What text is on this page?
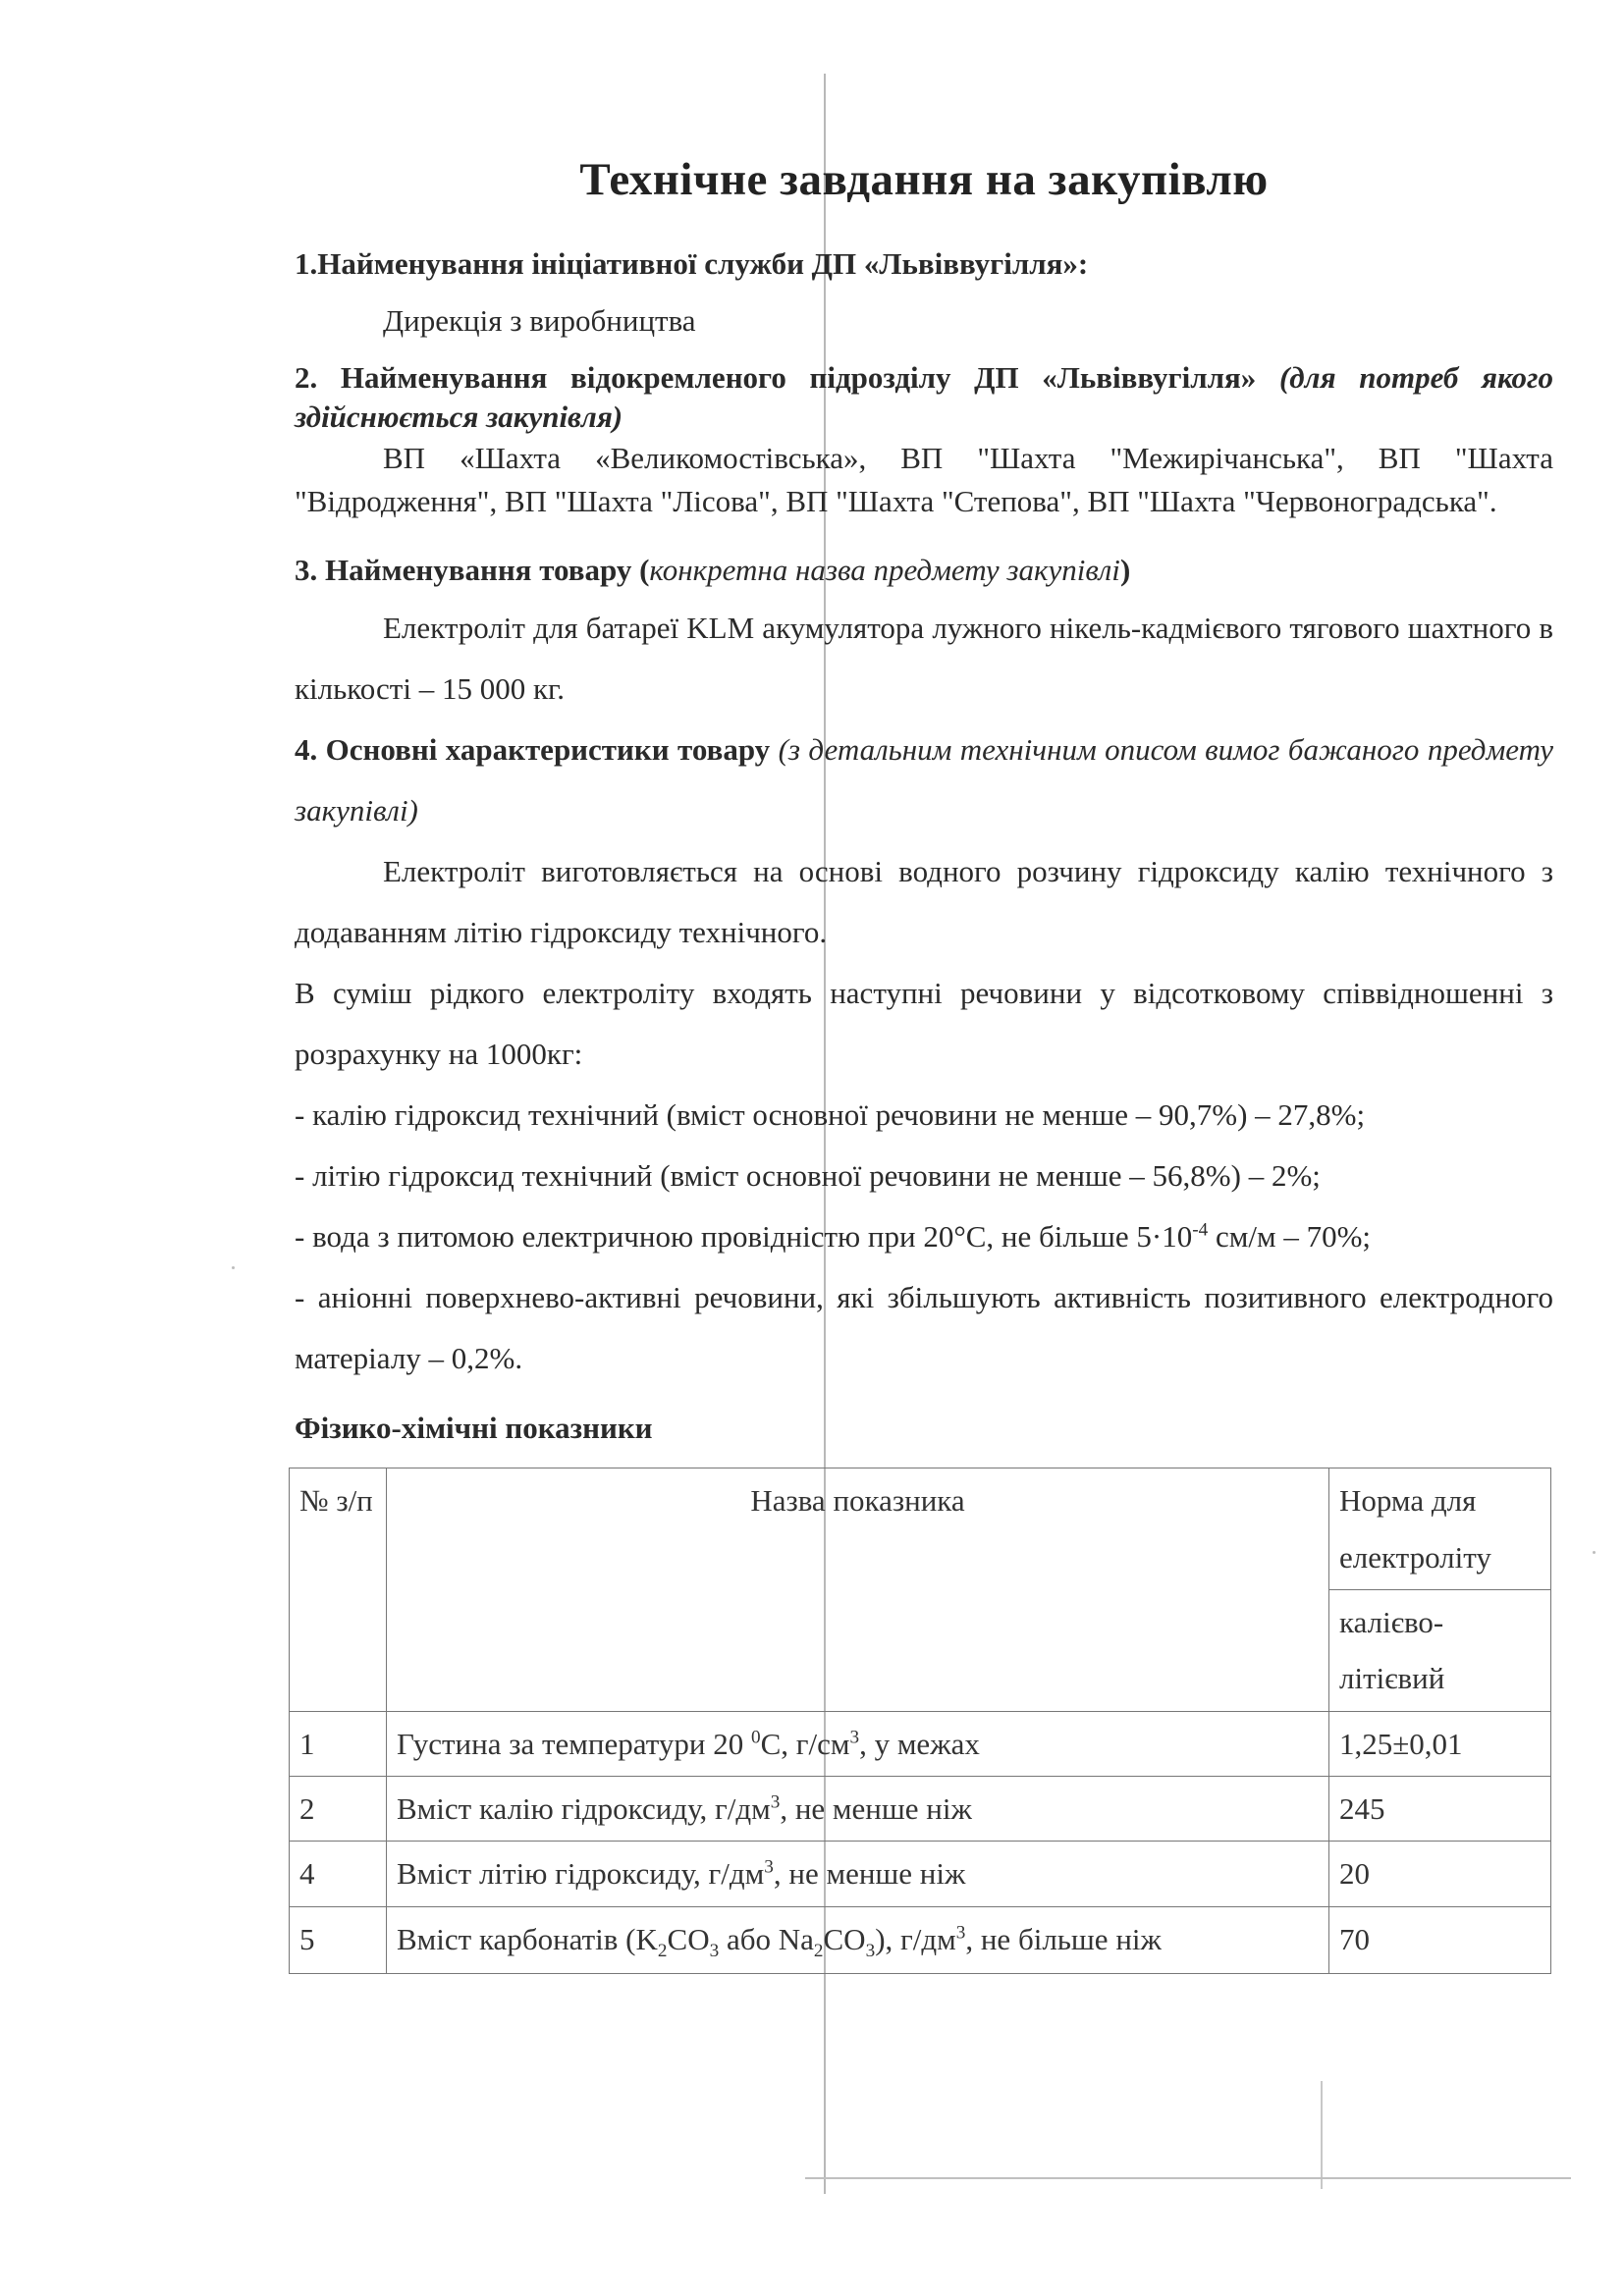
Технічне завдання на закупівлю

1.Найменування ініціативної служби ДП «Львіввугілля»:

Дирекція з виробництва

2. Найменування відокремленого підрозділу ДП «Львіввугілля» (для потреб якого здійснюється закупівля)

ВП «Шахта «Великомостівська», ВП "Шахта "Межирічанська", ВП "Шахта "Відродження", ВП "Шахта "Лісова", ВП "Шахта "Степова", ВП "Шахта "Червоноградська".

3. Найменування товару (конкретна назва предмету закупівлі)

Електроліт для батареї KLM акумулятора лужного нікель-кадмієвого тягового шахтного в кількості – 15 000 кг.

4. Основні характеристики товару (з детальним технічним описом вимог бажаного предмету закупівлі)

Електроліт виготовляється на основі водного розчину гідроксиду калію технічного з додаванням літію гідроксиду технічного.

В суміш рідкого електроліту входять наступні речовини у відсотковому співвідношенні з розрахунку на 1000кг:

- калію гідроксид технічний (вміст основної речовини не менше – 90,7%) – 27,8%;

- літію гідроксид технічний (вміст основної речовини не менше – 56,8%) – 2%;

- вода з питомою електричною провідністю при 20°С, не більше $5\cdot 10^{-4}$ см/м – 70%;

- аніонні поверхнево-активні речовини, які збільшують активність позитивного електродного матеріалу – 0,2%.

Фізико-хімічні показники

№ з/п	Назва показника	Норма для електроліту
		калієво-літієвий
1	Густина за температури 20 $^0$С, $г/см^3$, у межах	1,25±0,01
2	Вміст калію гідроксиду, $г/дм^3$, не менше ніж	245
4	Вміст літію гідроксиду, $г/дм^3$, не менше ніж	20
5	Вміст карбонатів ($K_2CO_3$ або $Na_2CO_3$), $г/дм^3$, не більше ніж	70
